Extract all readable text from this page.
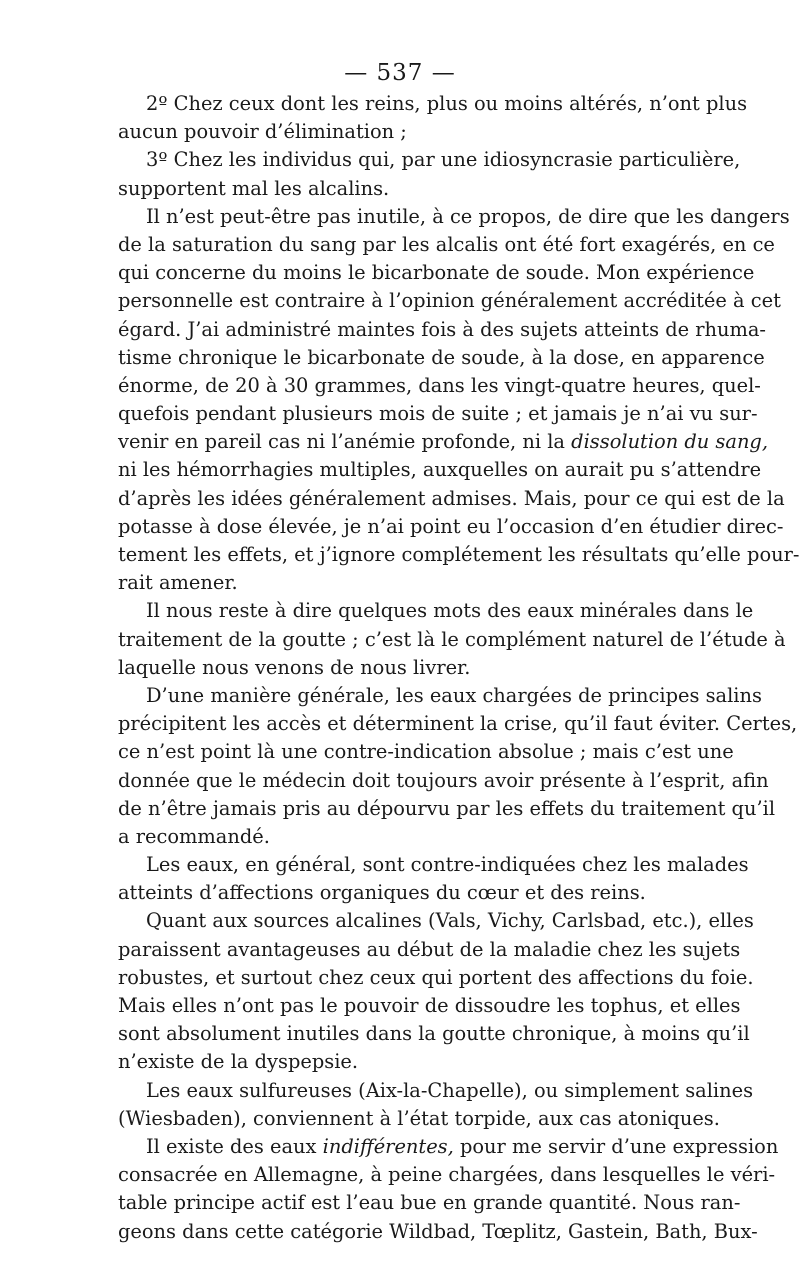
— 537 —
2º Chez ceux dont les reins, plus ou moins altérés, n’ont plus
aucun pouvoir d’élimination ;
3º Chez les individus qui, par une idiosyncrasie particulière,
supportent mal les alcalins.
Il n’est peut-être pas inutile, à ce propos, de dire que les dangers
de la saturation du sang par les alcalis ont été fort exagérés, en ce
qui concerne du moins le bicarbonate de soude. Mon expérience
personnelle est contraire à l’opinion généralement accréditée à cet
égard. J’ai administré maintes fois à des sujets atteints de rhuma-
tisme chronique le bicarbonate de soude, à la dose, en apparence
énorme, de 20 à 30 grammes, dans les vingt-quatre heures, quel-
quefois pendant plusieurs mois de suite ; et jamais je n’ai vu sur-
venir en pareil cas ni l’anémie profonde, ni la dissolution du sang,
ni les hémorrhagies multiples, auxquelles on aurait pu s’attendre
d’après les idées généralement admises. Mais, pour ce qui est de la
potasse à dose élevée, je n’ai point eu l’occasion d’en étudier direc-
tement les effets, et j’ignore complétement les résultats qu’elle pour-
rait amener.
Il nous reste à dire quelques mots des eaux minérales dans le
traitement de la goutte ; c’est là le complément naturel de l’étude à
laquelle nous venons de nous livrer.
D’une manière générale, les eaux chargées de principes salins
précipitent les accès et déterminent la crise, qu’il faut éviter. Certes,
ce n’est point là une contre-indication absolue ; mais c’est une
donnée que le médecin doit toujours avoir présente à l’esprit, afin
de n’être jamais pris au dépourvu par les effets du traitement qu’il
a recommandé.
Les eaux, en général, sont contre-indiquées chez les malades
atteints d’affections organiques du cœur et des reins.
Quant aux sources alcalines (Vals, Vichy, Carlsbad, etc.), elles
paraissent avantageuses au début de la maladie chez les sujets
robustes, et surtout chez ceux qui portent des affections du foie.
Mais elles n’ont pas le pouvoir de dissoudre les tophus, et elles
sont absolument inutiles dans la goutte chronique, à moins qu’il
n’existe de la dyspepsie.
Les eaux sulfureuses (Aix-la-Chapelle), ou simplement salines
(Wiesbaden), conviennent à l’état torpide, aux cas atoniques.
Il existe des eaux indifférentes, pour me servir d’une expression
consacrée en Allemagne, à peine chargées, dans lesquelles le véri-
table principe actif est l’eau bue en grande quantité. Nous ran-
geons dans cette catégorie Wildbad, Tœplitz, Gastein, Bath, Bux-
